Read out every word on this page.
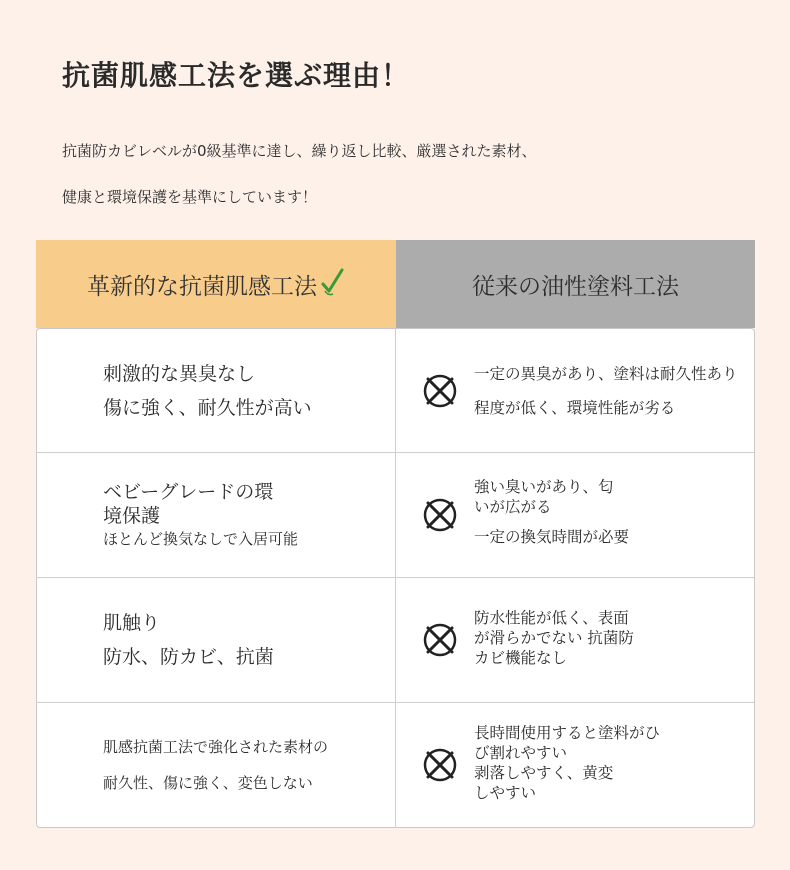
抗菌肌感工法を選ぶ理由！

抗菌防カビレベルが0級基準に達し、繰り返し比較、厳選された素材、

健康と環境保護を基準にしています！

革新的な抗菌肌感工法	従来の油性塗料工法
刺激的な異臭なし
傷に強く、耐久性が高い
一定の異臭があり、塗料は耐久性あり
程度が低く、環境性能が劣る
ベビーグレードの環
境保護
ほとんど換気なしで入居可能
強い臭いがあり、匂
いが広がる
一定の換気時間が必要
肌触り
防水、防カビ、抗菌
防水性能が低く、表面
が滑らかでない 抗菌防
カビ機能なし
肌感抗菌工法で強化された素材の
耐久性、傷に強く、変色しない
長時間使用すると塗料がひ
び割れやすい
剥落しやすく、黄変
しやすい
